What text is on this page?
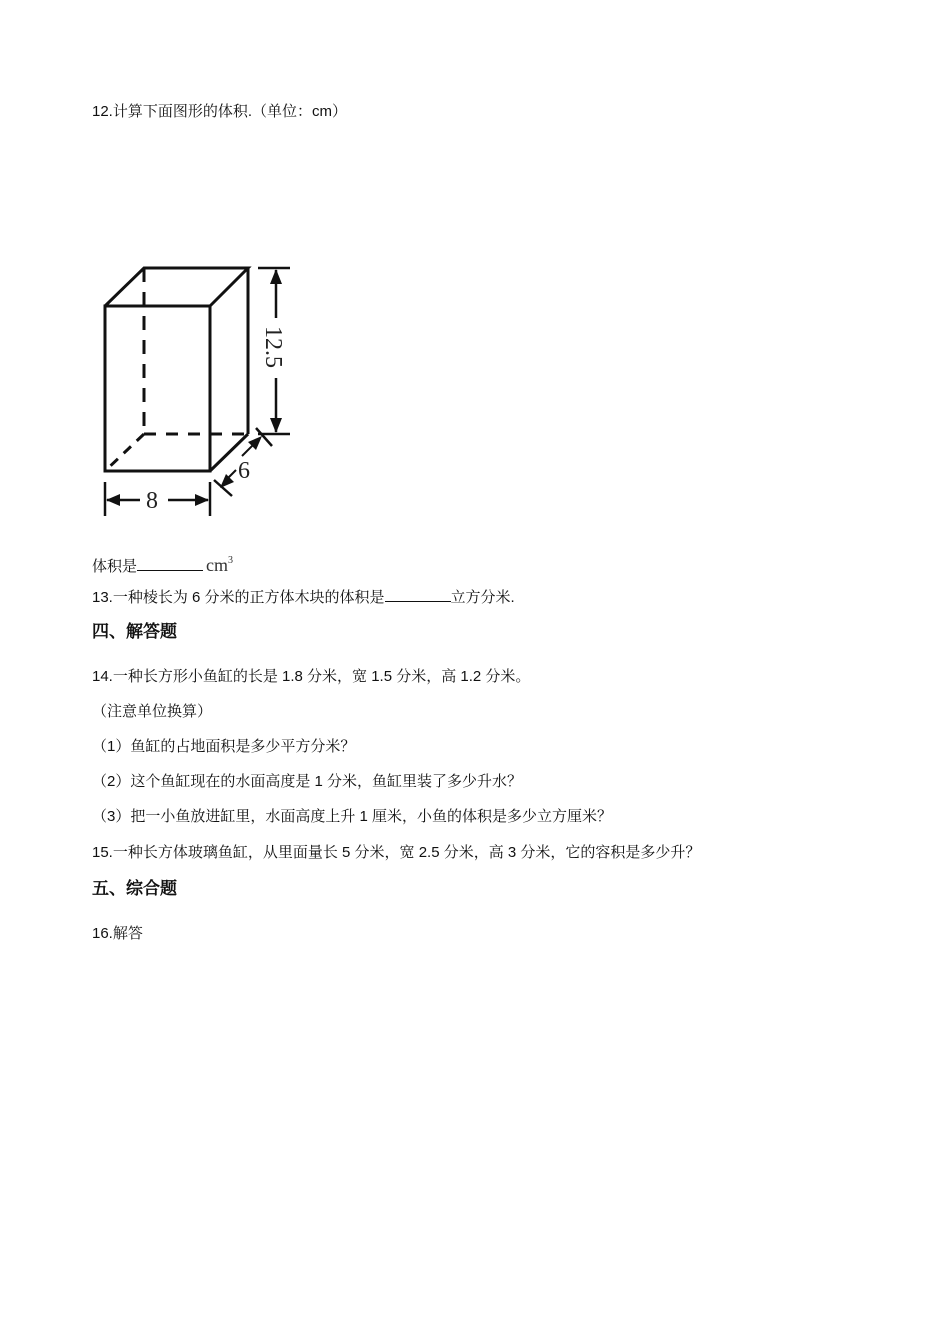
12.计算下面图形的体积.（单位：cm）
12.5
8
6
体积是	$cm^3$
13.一种棱长为 6 分米的正方体木块的体积是	立方分米.
四、解答题
14.一种长方形小鱼缸的长是 1.8 分米，宽 1.5 分米，高 1.2 分米。
（注意单位换算）
（1）鱼缸的占地面积是多少平方分米？
（2）这个鱼缸现在的水面高度是 1 分米，鱼缸里装了多少升水？
（3）把一小鱼放进缸里，水面高度上升 1 厘米，小鱼的体积是多少立方厘米？
15.一种长方体玻璃鱼缸，从里面量长 5 分米，宽 2.5 分米，高 3 分米，它的容积是多少升？
五、综合题
16.解答
